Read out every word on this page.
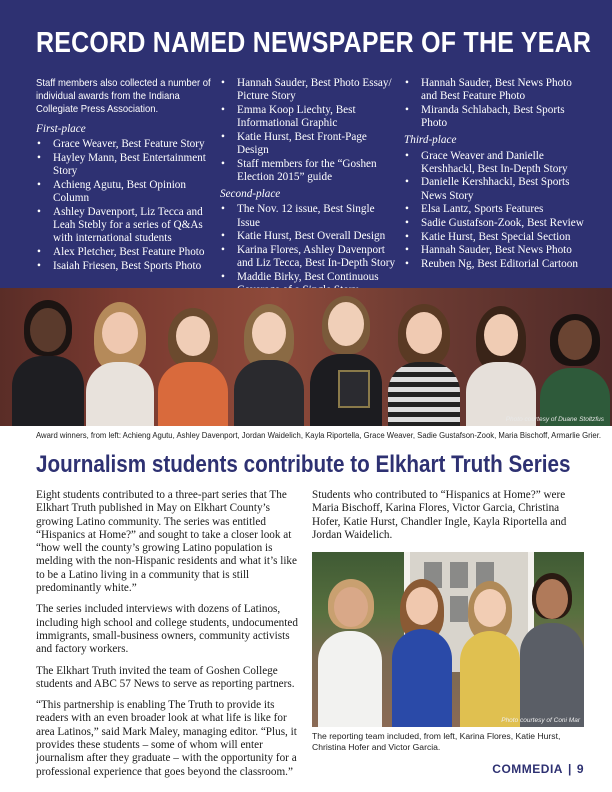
RECORD NAMED NEWSPAPER OF THE YEAR

Staff members also collected a number of individual awards from the Indiana Collegiate Press Association.

First-place
• Grace Weaver, Best Feature Story
• Hayley Mann, Best Entertainment Story
• Achieng Agutu, Best Opinion Column
• Ashley Davenport, Liz Tecca and Leah Stebly for a series of Q&As with international students
• Alex Pletcher, Best Feature Photo
• Isaiah Friesen, Best Sports Photo
• Hannah Sauder, Best Photo Essay/ Picture Story
• Emma Koop Liechty, Best Informational Graphic
• Katie Hurst, Best Front-Page Design
• Staff members for the “Goshen Election 2015” guide
Second-place
• The Nov. 12 issue, Best Single Issue
• Katie Hurst, Best Overall Design
• Karina Flores, Ashley Davenport and Liz Tecca, Best In-Depth Story
• Maddie Birky, Best Continuous
• Hannah Sauder, Best News Photo and Best Feature Photo
• Miranda Schlabach, Best Sports Photo
Third-place
• Grace Weaver and Danielle Kershhackl, Best In-Depth Story
• Danielle Kershhackl, Best Sports News Story
• Elsa Lantz, Sports Features
• Sadie Gustafson-Zook, Best Review
• Katie Hurst, Best Special Section
• Hannah Sauder, Best News Photo
• Reuben Ng, Best Editorial Cartoon
Photo courtesy of Duane Stoltzfus
Award winners, from left: Achieng Agutu, Ashley Davenport, Jordan Waidelich, Kayla Riportella, Grace Weaver, Sadie Gustafson-Zook, Maria Bischoff, Armarlie Grier.
Journalism students contribute to Elkhart Truth Series

Eight students contributed to a three-part series that The Elkhart Truth published in May on Elkhart County’s growing Latino community. The series was entitled “Hispanics at Home?” and sought to take a closer look at “how well the county’s growing Latino population is melding with the non-Hispanic residents and what it’s like to be a Latino living in a community that is still predominantly white.”

The series included interviews with dozens of Latinos, including high school and college students, undocumented immigrants, small-business owners, community activists and factory workers.

The Elkhart Truth invited the team of Goshen College students and ABC 57 News to serve as reporting partners.

“This partnership is enabling The Truth to provide its readers with an even broader look at what life is like for area Latinos,” said Mark Maley, managing editor. “Plus, it provides these students – some of whom will enter journalism after they graduate – with the opportunity for a professional experience that goes beyond the classroom.”

Students who contributed to “Hispanics at Home?” were Maria Bischoff, Karina Flores, Victor Garcia, Christina Hofer, Katie Hurst, Chandler Ingle, Kayla Riportella and Jordan Waidelich.

Photo courtesy of Coni Mar
The reporting team included, from left, Karina Flores, Katie Hurst, Christina Hofer and Victor Garcia.
COMMEDIA | 9
